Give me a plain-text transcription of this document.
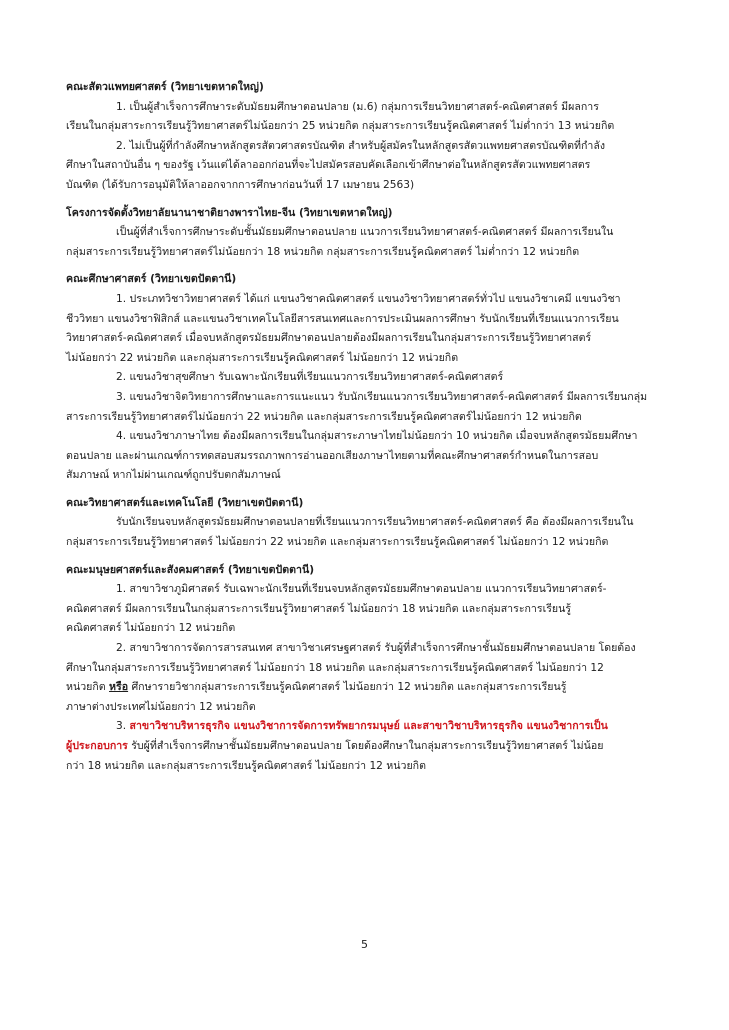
คณะสัตวแพทยศาสตร์ (วิทยาเขตหาดใหญ่)

1. เป็นผู้สำเร็จการศึกษาระดับมัธยมศึกษาตอนปลาย (ม.6) กลุ่มการเรียนวิทยาศาสตร์-คณิตศาสตร์ มีผลการ
เรียนในกลุ่มสาระการเรียนรู้วิทยาศาสตร์ไม่น้อยกว่า 25 หน่วยกิต กลุ่มสาระการเรียนรู้คณิตศาสตร์ ไม่ต่ำกว่า 13 หน่วยกิต
2. ไม่เป็นผู้ที่กำลังศึกษาหลักสูตรสัตวศาสตรบัณฑิต สำหรับผู้สมัครในหลักสูตรสัตวแพทยศาสตรบัณฑิตที่กำลัง
ศึกษาในสถาบันอื่น ๆ ของรัฐ เว้นแต่ได้ลาออกก่อนที่จะไปสมัครสอบคัดเลือกเข้าศึกษาต่อในหลักสูตรสัตวแพทยศาสตร
บัณฑิต (ได้รับการอนุมัติให้ลาออกจากการศึกษาก่อนวันที่ 17 เมษายน 2563)

โครงการจัดตั้งวิทยาลัยนานาชาติยางพาราไทย-จีน (วิทยาเขตหาดใหญ่)

เป็นผู้ที่สำเร็จการศึกษาระดับชั้นมัธยมศึกษาตอนปลาย แนวการเรียนวิทยาศาสตร์-คณิตศาสตร์ มีผลการเรียนใน
กลุ่มสาระการเรียนรู้วิทยาศาสตร์ไม่น้อยกว่า 18 หน่วยกิต กลุ่มสาระการเรียนรู้คณิตศาสตร์ ไม่ต่ำกว่า 12 หน่วยกิต

คณะศึกษาศาสตร์ (วิทยาเขตปัตตานี)

1. ประเภทวิชาวิทยาศาสตร์ ได้แก่ แขนงวิชาคณิตศาสตร์ แขนงวิชาวิทยาศาสตร์ทั่วไป แขนงวิชาเคมี แขนงวิชา
ชีววิทยา แขนงวิชาฟิสิกส์ และแขนงวิชาเทคโนโลยีสารสนเทศและการประเมินผลการศึกษา รับนักเรียนที่เรียนแนวการเรียน
วิทยาศาสตร์-คณิตศาสตร์ เมื่อจบหลักสูตรมัธยมศึกษาตอนปลายต้องมีผลการเรียนในกลุ่มสาระการเรียนรู้วิทยาศาสตร์
ไม่น้อยกว่า 22 หน่วยกิต และกลุ่มสาระการเรียนรู้คณิตศาสตร์ ไม่น้อยกว่า 12 หน่วยกิต
2. แขนงวิชาสุขศึกษา รับเฉพาะนักเรียนที่เรียนแนวการเรียนวิทยาศาสตร์-คณิตศาสตร์
3. แขนงวิชาจิตวิทยาการศึกษาและการแนะแนว รับนักเรียนแนวการเรียนวิทยาศาสตร์-คณิตศาสตร์ มีผลการเรียนกลุ่ม
สาระการเรียนรู้วิทยาศาสตร์ไม่น้อยกว่า 22 หน่วยกิต และกลุ่มสาระการเรียนรู้คณิตศาสตร์ไม่น้อยกว่า 12 หน่วยกิต
4. แขนงวิชาภาษาไทย ต้องมีผลการเรียนในกลุ่มสาระภาษาไทยไม่น้อยกว่า 10 หน่วยกิต เมื่อจบหลักสูตรมัธยมศึกษา
ตอนปลาย และผ่านเกณฑ์การทดสอบสมรรถภาพการอ่านออกเสียงภาษาไทยตามที่คณะศึกษาศาสตร์กำหนดในการสอบ
สัมภาษณ์ หากไม่ผ่านเกณฑ์ถูกปรับตกสัมภาษณ์

คณะวิทยาศาสตร์และเทคโนโลยี (วิทยาเขตปัตตานี)

รับนักเรียนจบหลักสูตรมัธยมศึกษาตอนปลายที่เรียนแนวการเรียนวิทยาศาสตร์-คณิตศาสตร์ คือ ต้องมีผลการเรียนใน
กลุ่มสาระการเรียนรู้วิทยาศาสตร์ ไม่น้อยกว่า 22 หน่วยกิต และกลุ่มสาระการเรียนรู้คณิตศาสตร์ ไม่น้อยกว่า 12 หน่วยกิต

คณะมนุษยศาสตร์และสังคมศาสตร์ (วิทยาเขตปัตตานี)

1. สาขาวิชาภูมิศาสตร์ รับเฉพาะนักเรียนที่เรียนจบหลักสูตรมัธยมศึกษาตอนปลาย แนวการเรียนวิทยาศาสตร์-
คณิตศาสตร์ มีผลการเรียนในกลุ่มสาระการเรียนรู้วิทยาศาสตร์ ไม่น้อยกว่า 18 หน่วยกิต และกลุ่มสาระการเรียนรู้
คณิตศาสตร์ ไม่น้อยกว่า 12 หน่วยกิต
2. สาขาวิชาการจัดการสารสนเทศ สาขาวิชาเศรษฐศาสตร์ รับผู้ที่สำเร็จการศึกษาชั้นมัธยมศึกษาตอนปลาย โดยต้อง
ศึกษาในกลุ่มสาระการเรียนรู้วิทยาศาสตร์ ไม่น้อยกว่า 18 หน่วยกิต และกลุ่มสาระการเรียนรู้คณิตศาสตร์ ไม่น้อยกว่า 12
หน่วยกิต หรือ ศึกษารายวิชากลุ่มสาระการเรียนรู้คณิตศาสตร์ ไม่น้อยกว่า 12 หน่วยกิต และกลุ่มสาระการเรียนรู้
ภาษาต่างประเทศไม่น้อยกว่า 12 หน่วยกิต
3. สาขาวิชาบริหารธุรกิจ แขนงวิชาการจัดการทรัพยากรมนุษย์ และสาขาวิชาบริหารธุรกิจ แขนงวิชาการเป็น
ผู้ประกอบการ รับผู้ที่สำเร็จการศึกษาชั้นมัธยมศึกษาตอนปลาย โดยต้องศึกษาในกลุ่มสาระการเรียนรู้วิทยาศาสตร์ ไม่น้อย
กว่า 18 หน่วยกิต และกลุ่มสาระการเรียนรู้คณิตศาสตร์ ไม่น้อยกว่า 12 หน่วยกิต
5
